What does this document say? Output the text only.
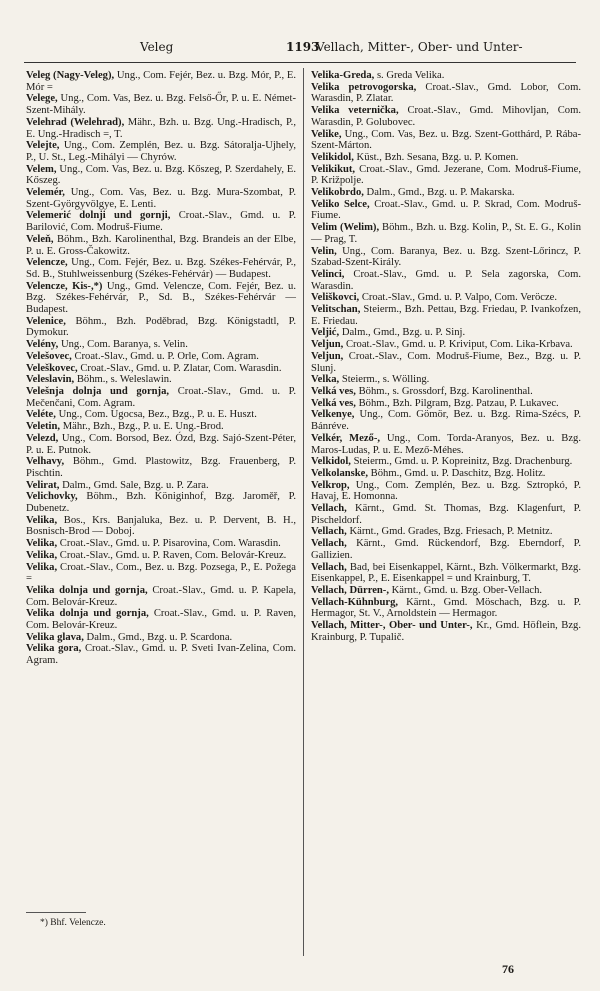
Veleg	1193
Vellach, Mitter-, Ober- und Unter-

Veleg (Nagy-Veleg), Ung., Com. Fejér, Bez. u. Bzg. Mór, P., E. Mór =

Velege, Ung., Com. Vas, Bez. u. Bzg. Felső-Őr, P. u. E. Német-Szent-Mihály.

Velehrad (Welehrad), Mähr., Bzh. u. Bzg. Ung.-Hradisch, P., E. Ung.-Hradisch =, T.

Velejte, Ung., Com. Zemplén, Bez. u. Bzg. Sátoralja-Ujhely, P., U. St., Leg.-Mihályi — Chyrów.

Velem, Ung., Com. Vas, Bez. u. Bzg. Kőszeg, P. Szerdahely, E. Kőszeg.

Velemér, Ung., Com. Vas, Bez. u. Bzg. Mura-Szombat, P. Szent-Györgyvölgye, E. Lenti.

Velemerić dolnji und gornji, Croat.-Slav., Gmd. u. P. Barilović, Com. Modruš-Fiume.

Veleň, Böhm., Bzh. Karolinenthal, Bzg. Brandeis an der Elbe, P. u. E. Gross-Čakowitz.

Velencze, Ung., Com. Fejér, Bez. u. Bzg. Székes-Fehérvár, P., Sd. B., Stuhlweissenburg (Székes-Fehérvár) — Budapest.

Velencze, Kis-,*) Ung., Gmd. Velencze, Com. Fejér, Bez. u. Bzg. Székes-Fehérvár, P., Sd. B., Székes-Fehérvár — Budapest.

Velenice, Böhm., Bzh. Poděbrad, Bzg. Königstadtl, P. Dymokur.

Velény, Ung., Com. Baranya, s. Velin.

Velešovec, Croat.-Slav., Gmd. u. P. Orle, Com. Agram.

Veleškovec, Croat.-Slav., Gmd. u. P. Zlatar, Com. Warasdin.

Veleslavin, Böhm., s. Weleslawin.

Velešnja dolnja und gornja, Croat.-Slav., Gmd. u. P. Mečenčani, Com. Agram.

Veléte, Ung., Com. Ugocsa, Bez., Bzg., P. u. E. Huszt.

Veletin, Mähr., Bzh., Bzg., P. u. E. Ung.-Brod.

Velezd, Ung., Com. Borsod, Bez. Ózd, Bzg. Sajó-Szent-Péter, P. u. E. Putnok.

Velhavy, Böhm., Gmd. Plastowitz, Bzg. Frauenberg, P. Pischtin.

Velirat, Dalm., Gmd. Sale, Bzg. u. P. Zara.

Velichovky, Böhm., Bzh. Königinhof, Bzg. Jaroměř, P. Dubenetz.

Velika, Bos., Krs. Banjaluka, Bez. u. P. Dervent, B. H., Bosnisch-Brod — Doboj.

Velika, Croat.-Slav., Gmd. u. P. Pisarovina, Com. Warasdin.

Velika, Croat.-Slav., Gmd. u. P. Raven, Com. Belovár-Kreuz.

Velika, Croat.-Slav., Com., Bez. u. Bzg. Pozsega, P., E. Požega =

Velika dolnja und gornja, Croat.-Slav., Gmd. u. P. Kapela, Com. Belovár-Kreuz.

Velika dolnja und gornja, Croat.-Slav., Gmd. u. P. Raven, Com. Belovár-Kreuz.

Velika glava, Dalm., Gmd., Bzg. u. P. Scardona.

Velika gora, Croat.-Slav., Gmd. u. P. Sveti Ivan-Zelina, Com. Agram.

Velika-Greda, s. Greda Velika.

Velika petrovogorska, Croat.-Slav., Gmd. Lobor, Com. Warasdin, P. Zlatar.

Velika veternička, Croat.-Slav., Gmd. Mihovljan, Com. Warasdin, P. Golubovec.

Velike, Ung., Com. Vas, Bez. u. Bzg. Szent-Gotthárd, P. Rába-Szent-Márton.

Velikidol, Küst., Bzh. Sesana, Bzg. u. P. Komen.

Velikikut, Croat.-Slav., Gmd. Jezerane, Com. Modruš-Fiume, P. Križpolje.

Velikobrdo, Dalm., Gmd., Bzg. u. P. Makarska.

Veliko Selce, Croat.-Slav., Gmd. u. P. Skrad, Com. Modruš-Fiume.

Velim (Welim), Böhm., Bzh. u. Bzg. Kolin, P., St. E. G., Kolin — Prag, T.

Velin, Ung., Com. Baranya, Bez. u. Bzg. Szent-Lőrincz, P. Szabad-Szent-Király.

Velinci, Croat.-Slav., Gmd. u. P. Sela zagorska, Com. Warasdin.

Veliškovci, Croat.-Slav., Gmd. u. P. Valpo, Com. Veröcze.

Velitschan, Steierm., Bzh. Pettau, Bzg. Friedau, P. Ivankofzen, E. Friedau.

Veljić, Dalm., Gmd., Bzg. u. P. Sinj.

Veljun, Croat.-Slav., Gmd. u. P. Kriviput, Com. Lika-Krbava.

Veljun, Croat.-Slav., Com. Modruš-Fiume, Bez., Bzg. u. P. Slunj.

Velka, Steierm., s. Wölling.

Velká ves, Böhm., s. Grossdorf, Bzg. Karolinenthal.

Velká ves, Böhm., Bzh. Pilgram, Bzg. Patzau, P. Lukavec.

Velkenye, Ung., Com. Gömör, Bez. u. Bzg. Rima-Szécs, P. Bánréve.

Velkér, Mező-, Ung., Com. Torda-Aranyos, Bez. u. Bzg. Maros-Ludas, P. u. E. Mező-Méhes.

Velkidol, Steierm., Gmd. u. P. Kopreinitz, Bzg. Drachenburg.

Velkolanske, Böhm., Gmd. u. P. Daschitz, Bzg. Holitz.

Velkrop, Ung., Com. Zemplén, Bez. u. Bzg. Sztropkó, P. Havaj, E. Homonna.

Vellach, Kärnt., Gmd. St. Thomas, Bzg. Klagenfurt, P. Pischeldorf.

Vellach, Kärnt., Gmd. Grades, Bzg. Friesach, P. Metnitz.

Vellach, Kärnt., Gmd. Rückendorf, Bzg. Eberndorf, P. Gallizien.

Vellach, Bad, bei Eisenkappel, Kärnt., Bzh. Völkermarkt, Bzg. Eisenkappel, P., E. Eisenkappel = und Krainburg, T.

Vellach, Dürren-, Kärnt., Gmd. u. Bzg. Ober-Vellach.

Vellach-Kühnburg, Kärnt., Gmd. Möschach, Bzg. u. P. Hermagor, St. V., Arnoldstein — Hermagor.

Vellach, Mitter-, Ober- und Unter-, Kr., Gmd. Höflein, Bzg. Krainburg, P. Tupalič.

*) Bhf. Velencze.
76
